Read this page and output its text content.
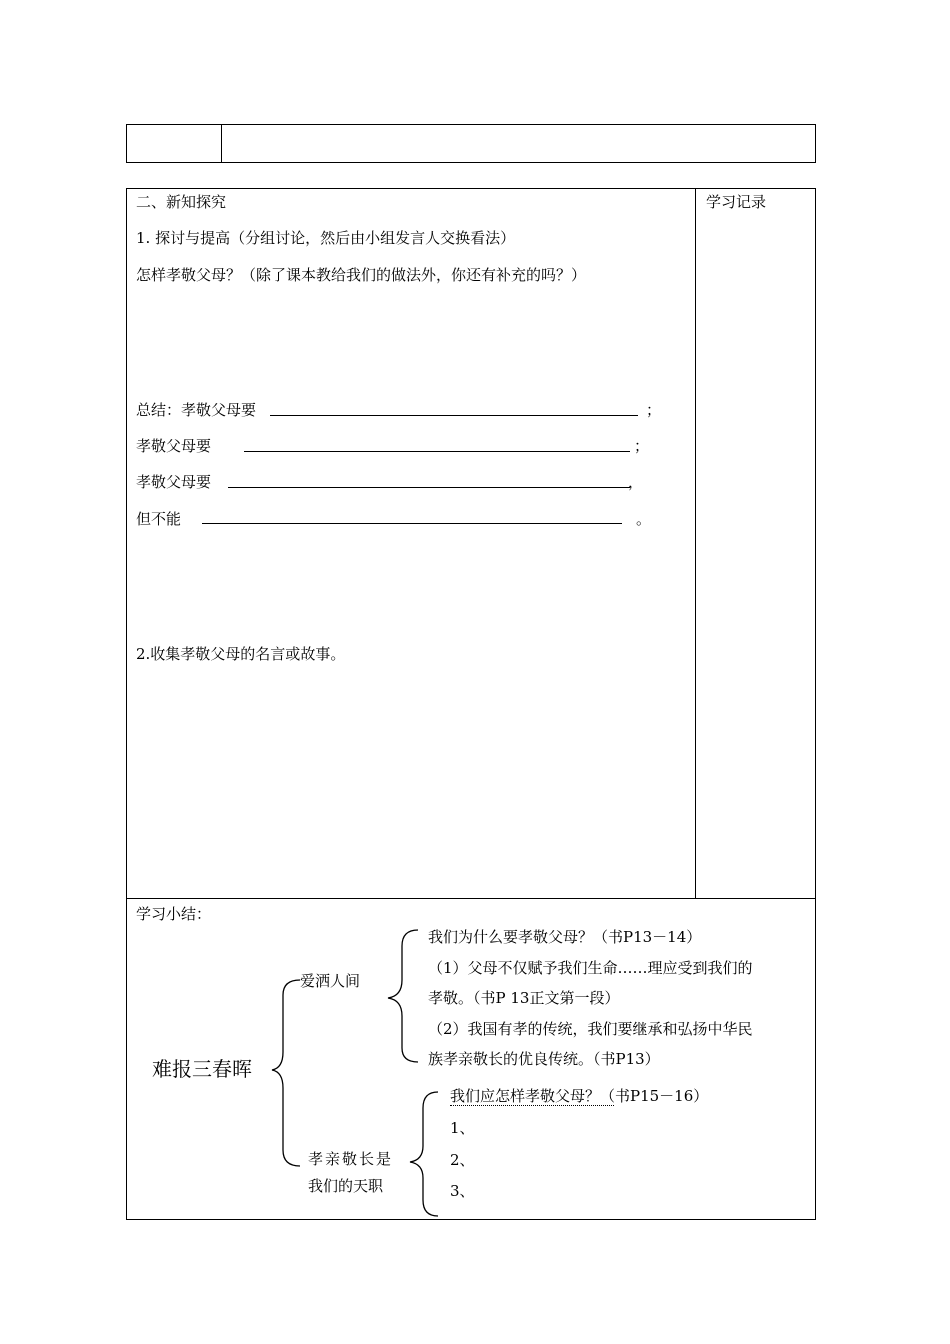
二、新知探究	学习记录
1. 探讨与提高（分组讨论，然后由小组发言人交换看法）
怎样孝敬父母？（除了课本教给我们的做法外，你还有补充的吗？）
总结：孝敬父母要	；
孝敬父母要	；
孝敬父母要	，
但不能	。
2.收集孝敬父母的名言或故事。
学习小结：
难报三春晖
爱洒人间
我们为什么要孝敬父母？（书P13－14）
（1）父母不仅赋予我们生命……理应受到我们的
孝敬。（书P 13正文第一段）
（2）我国有孝的传统，我们要继承和弘扬中华民
族孝亲敬长的优良传统。（书P13）
孝亲敬长是
我们的天职
我们应怎样孝敬父母？（书P15－16）
1、
2、
3、
